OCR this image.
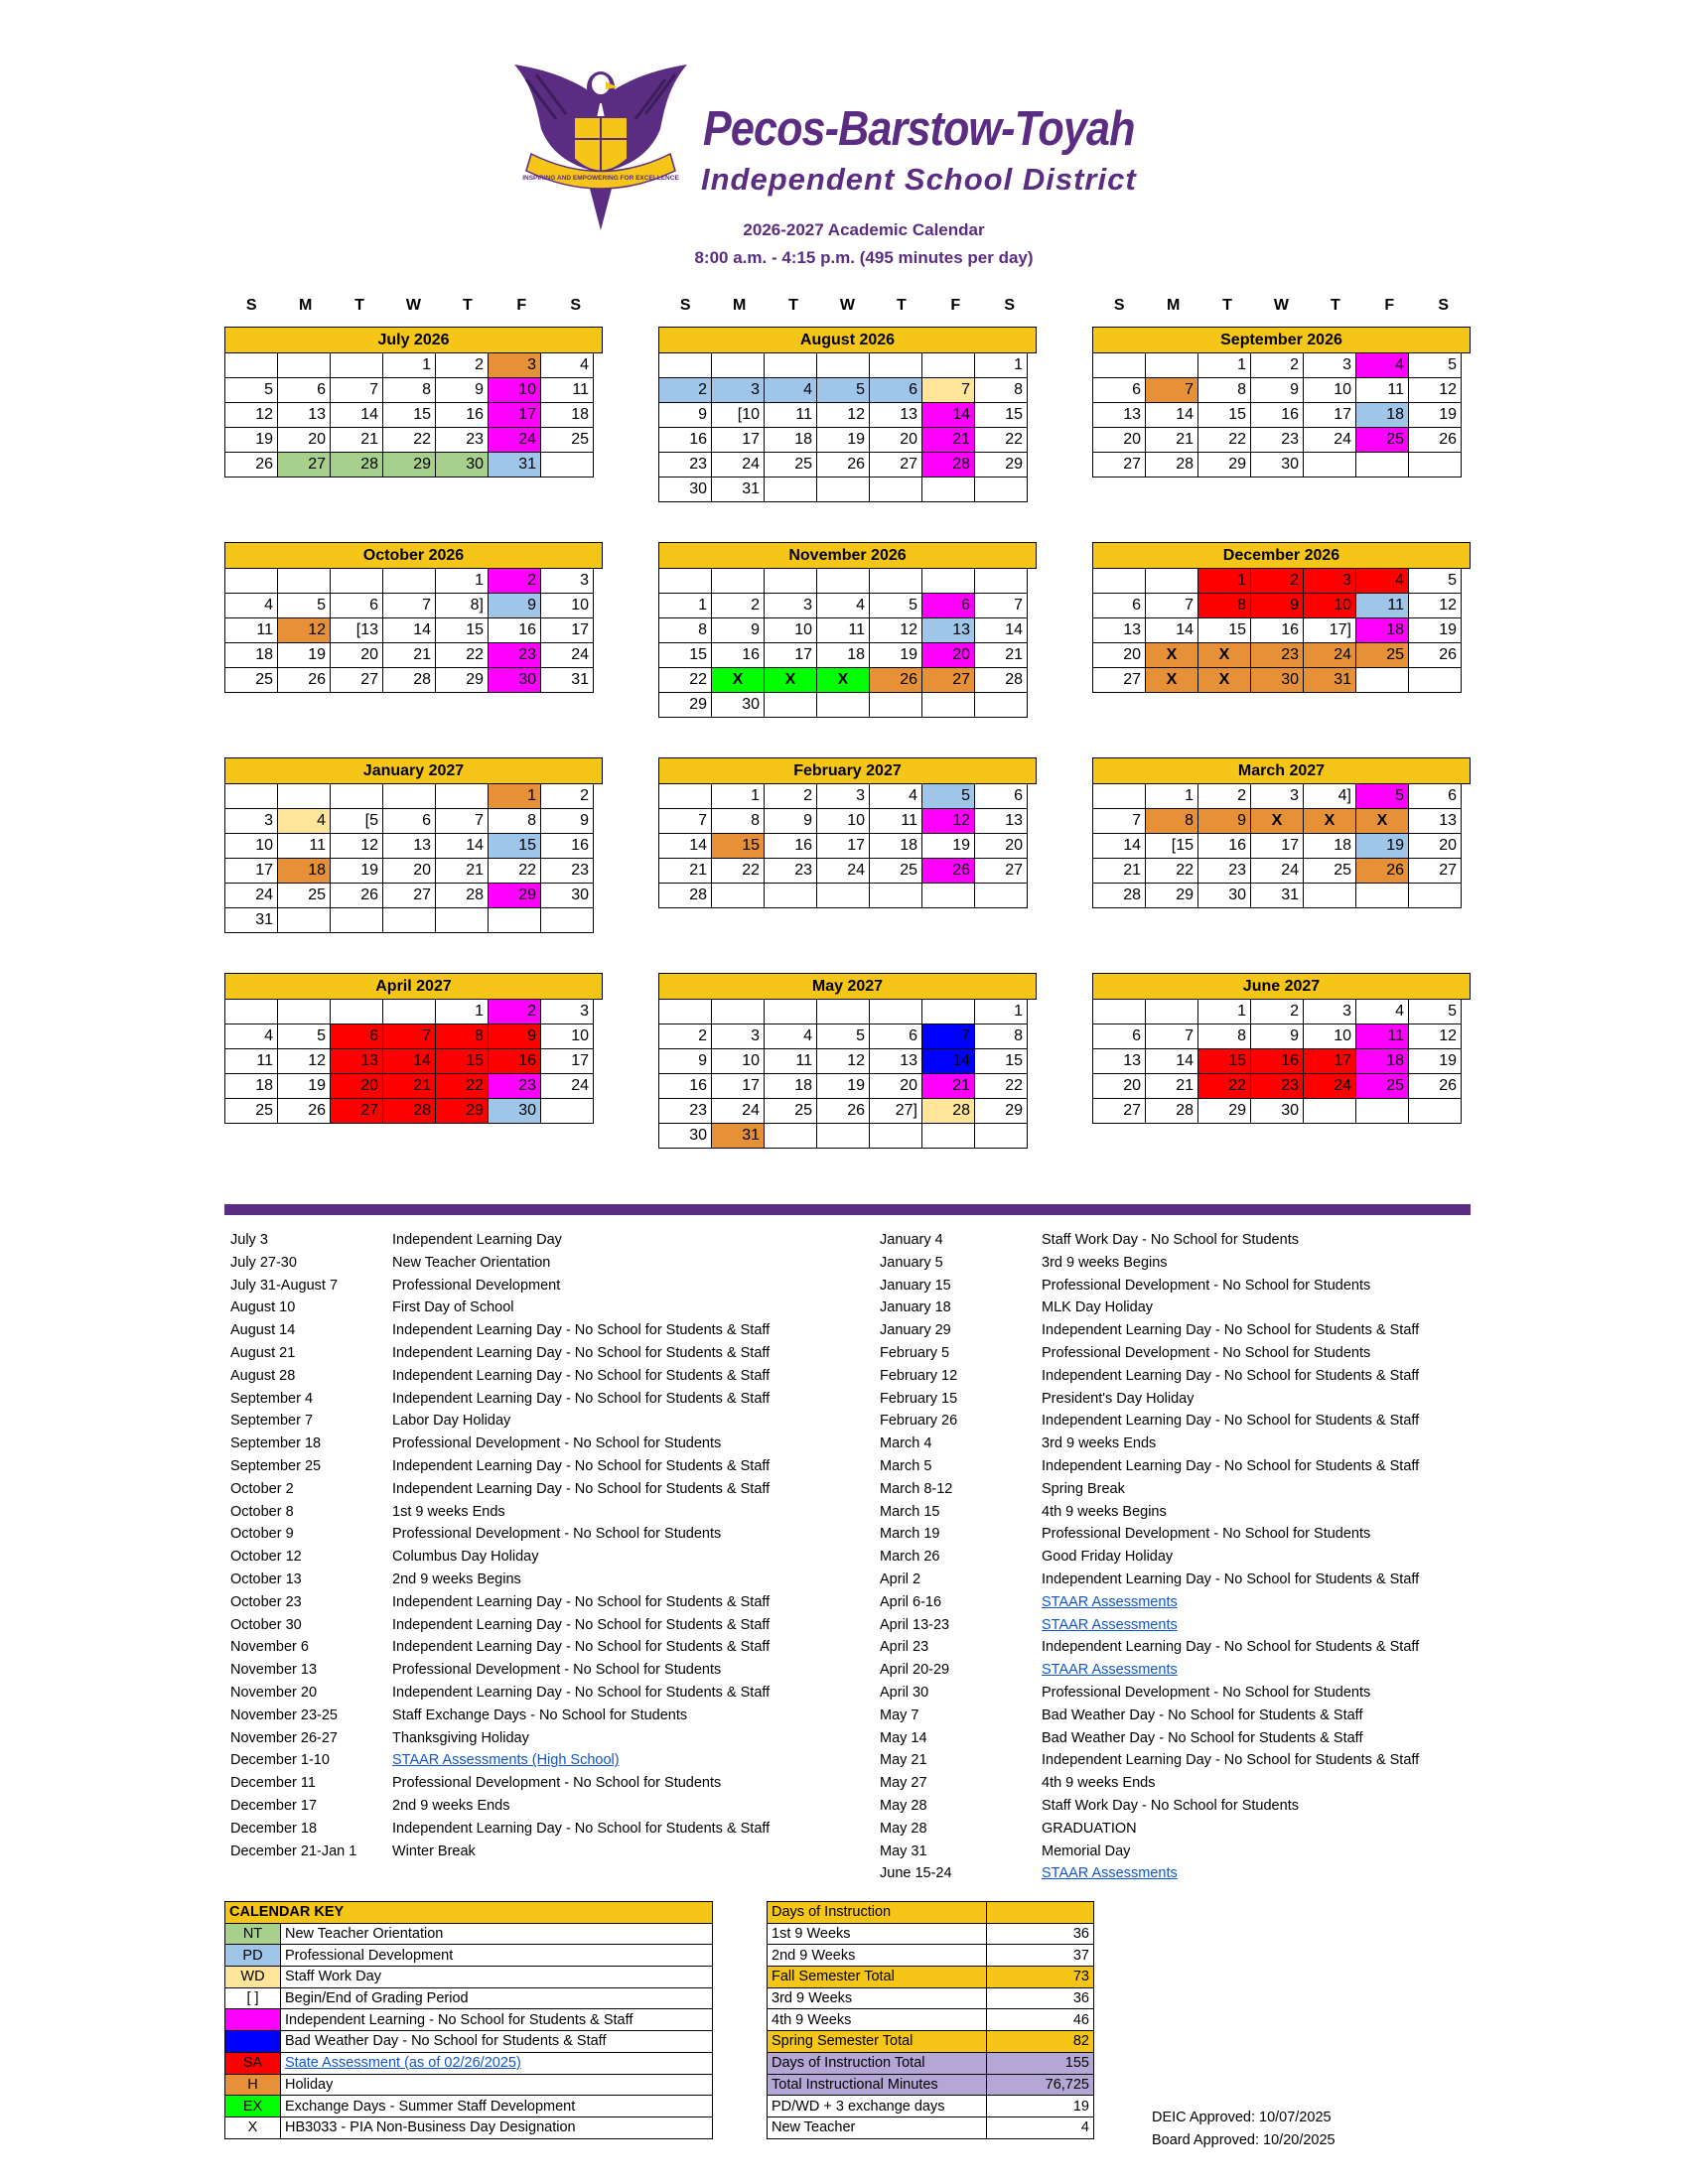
INSPIRING AND EMPOWERING FOR EXCELLENCE
Pecos-Barstow-Toyah
Independent School District
2026-2027 Academic Calendar
8:00 a.m. - 4:15 p.m. (495 minutes per day)
S	M	T	W	T	F	S
July 2026
			1	2	3	4
5	6	7	8	9	10	11
12	13	14	15	16	17	18
19	20	21	22	23	24	25
26	27	28	29	30	31	
S	M	T	W	T	F	S
August 2026
						1
2	3	4	5	6	7	8
9	[10	11	12	13	14	15
16	17	18	19	20	21	22
23	24	25	26	27	28	29
30	31					
S	M	T	W	T	F	S
September 2026
		1	2	3	4	5
6	7	8	9	10	11	12
13	14	15	16	17	18	19
20	21	22	23	24	25	26
27	28	29	30			
October 2026
				1	2	3
4	5	6	7	8]	9	10
11	12	[13	14	15	16	17
18	19	20	21	22	23	24
25	26	27	28	29	30	31
November 2026

1	2	3	4	5	6	7
8	9	10	11	12	13	14
15	16	17	18	19	20	21
22	X	X	X	26	27	28
29	30					
December 2026
		1	2	3	4	5
6	7	8	9	10	11	12
13	14	15	16	17]	18	19
20	X	X	23	24	25	26
27	X	X	30	31		
January 2027
					1	2
3	4	[5	6	7	8	9
10	11	12	13	14	15	16
17	18	19	20	21	22	23
24	25	26	27	28	29	30
31						
February 2027
	1	2	3	4	5	6
7	8	9	10	11	12	13
14	15	16	17	18	19	20
21	22	23	24	25	26	27
28						
March 2027
	1	2	3	4]	5	6
7	8	9	X	X	X	13
14	[15	16	17	18	19	20
21	22	23	24	25	26	27
28	29	30	31			
April 2027
				1	2	3
4	5	6	7	8	9	10
11	12	13	14	15	16	17
18	19	20	21	22	23	24
25	26	27	28	29	30	
May 2027
						1
2	3	4	5	6	7	8
9	10	11	12	13	14	15
16	17	18	19	20	21	22
23	24	25	26	27]	28	29
30	31					
June 2027
		1	2	3	4	5
6	7	8	9	10	11	12
13	14	15	16	17	18	19
20	21	22	23	24	25	26
27	28	29	30			
July 3	Independent Learning Day
July 27-30	New Teacher Orientation
July 31-August 7	Professional Development
August 10	First Day of School
August 14	Independent Learning Day - No School for Students & Staff
August 21	Independent Learning Day - No School for Students & Staff
August 28	Independent Learning Day - No School for Students & Staff
September 4	Independent Learning Day - No School for Students & Staff
September 7	Labor Day Holiday
September 18	Professional Development - No School for Students
September 25	Independent Learning Day - No School for Students & Staff
October 2	Independent Learning Day - No School for Students & Staff
October 8	1st 9 weeks Ends
October 9	Professional Development - No School for Students
October 12	Columbus Day Holiday
October 13	2nd 9 weeks Begins
October 23	Independent Learning Day - No School for Students & Staff
October 30	Independent Learning Day - No School for Students & Staff
November 6	Independent Learning Day - No School for Students & Staff
November 13	Professional Development - No School for Students
November 20	Independent Learning Day - No School for Students & Staff
November 23-25	Staff Exchange Days - No School for Students
November 26-27	Thanksgiving Holiday
December 1-10	STAAR Assessments (High School)
December 11	Professional Development - No School for Students
December 17	2nd 9 weeks Ends
December 18	Independent Learning Day - No School for Students & Staff
December 21-Jan 1	Winter Break
January 4	Staff Work Day - No School for Students
January 5	3rd 9 weeks Begins
January 15	Professional Development - No School for Students
January 18	MLK Day Holiday
January 29	Independent Learning Day - No School for Students & Staff
February 5	Professional Development - No School for Students
February 12	Independent Learning Day - No School for Students & Staff
February 15	President's Day Holiday
February 26	Independent Learning Day - No School for Students & Staff
March 4	3rd 9 weeks Ends
March 5	Independent Learning Day - No School for Students & Staff
March 8-12	Spring Break
March 15	4th 9 weeks Begins
March 19	Professional Development - No School for Students
March 26	Good Friday Holiday
April 2	Independent Learning Day - No School for Students & Staff
April 6-16	STAAR Assessments
April 13-23	STAAR Assessments
April 23	Independent Learning Day - No School for Students & Staff
April 20-29	STAAR Assessments
April 30	Professional Development - No School for Students
May 7	Bad Weather Day - No School for Students & Staff
May 14	Bad Weather Day - No School for Students & Staff
May 21	Independent Learning Day - No School for Students & Staff
May 27	4th 9 weeks Ends
May 28	Staff Work Day - No School for Students
May 28	GRADUATION
May 31	Memorial Day
June 15-24	STAAR Assessments
CALENDAR KEY	
NT	New Teacher Orientation
PD	Professional Development
WD	Staff Work Day
[ ]	Begin/End of Grading Period
	Independent Learning - No School for Students & Staff
	Bad Weather Day - No School for Students & Staff
SA	State Assessment (as of 02/26/2025)
H	Holiday
EX	Exchange Days - Summer Staff Development
X	HB3033 - PIA Non-Business Day Designation
Days of Instruction	
1st 9 Weeks	36
2nd 9 Weeks	37
Fall Semester Total	73
3rd 9 Weeks	36
4th 9 Weeks	46
Spring Semester Total	82
Days of Instruction Total	155
Total Instructional Minutes	76,725
PD/WD + 3 exchange days	19
New Teacher	4
DEIC Approved: 10/07/2025
Board Approved: 10/20/2025
